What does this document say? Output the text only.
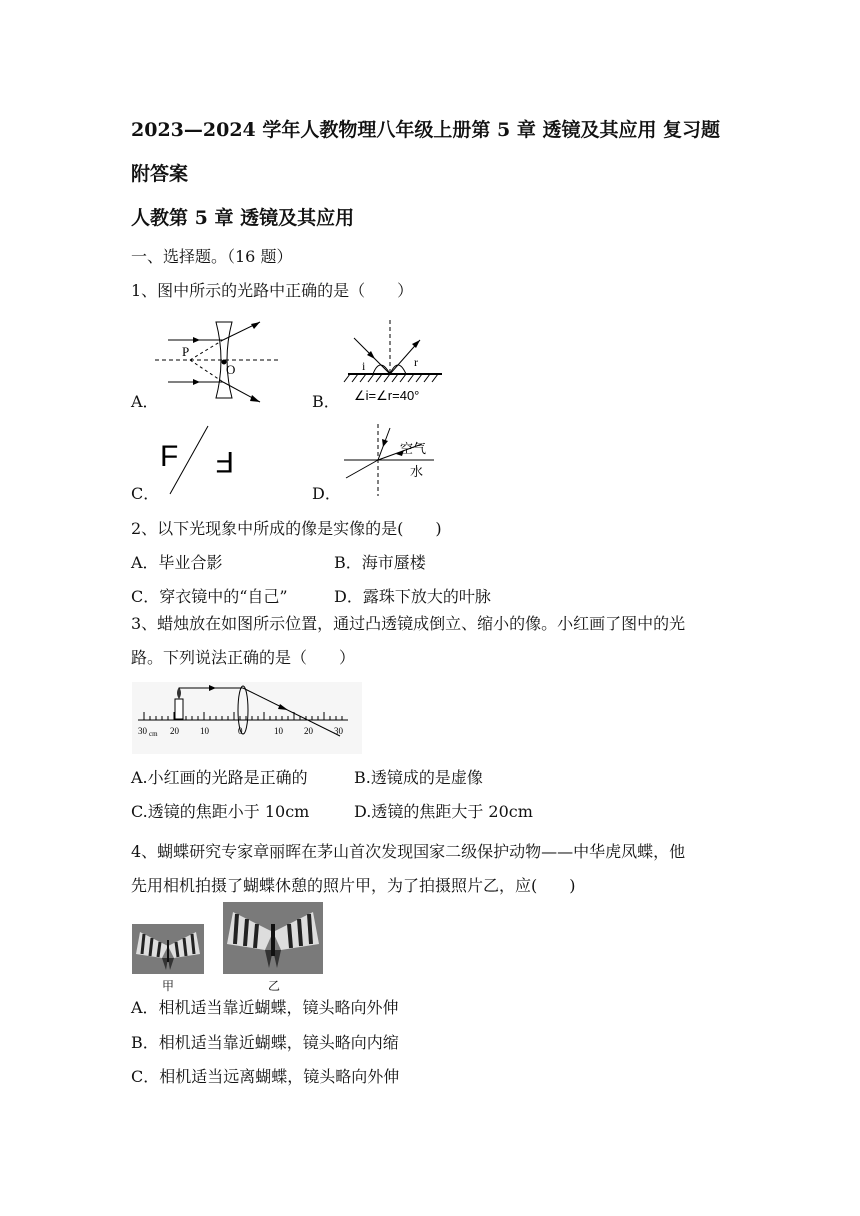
2023—2024 学年人教物理八年级上册第 5 章 透镜及其应用 复习题
附答案
人教第 5 章 透镜及其应用
一、选择题。（16 题）
1、图中所示的光路中正确的是（　　）
P
O
A．
i	r
∠i=∠r=40°
B．
F F
C．
空气
水
D．
2、以下光现象中所成的像是实像的是(　　)
A．毕业合影	B．海市蜃楼
C．穿衣镜中的“自己”	D．露珠下放大的叶脉
3、蜡烛放在如图所示位置，通过凸透镜成倒立、缩小的像。小红画了图中的光
路。下列说法正确的是（　　）
30 cm 20 10	0	10 20 30
A.小红画的光路是正确的	B.透镜成的是虚像
C.透镜的焦距小于 10cm	D.透镜的焦距大于 20cm
4、蝴蝶研究专家章丽晖在茅山首次发现国家二级保护动物——中华虎凤蝶，他
先用相机拍摄了蝴蝶休憩的照片甲，为了拍摄照片乙，应(　　)
甲	乙
A．相机适当靠近蝴蝶，镜头略向外伸
B．相机适当靠近蝴蝶，镜头略向内缩
C．相机适当远离蝴蝶，镜头略向外伸
